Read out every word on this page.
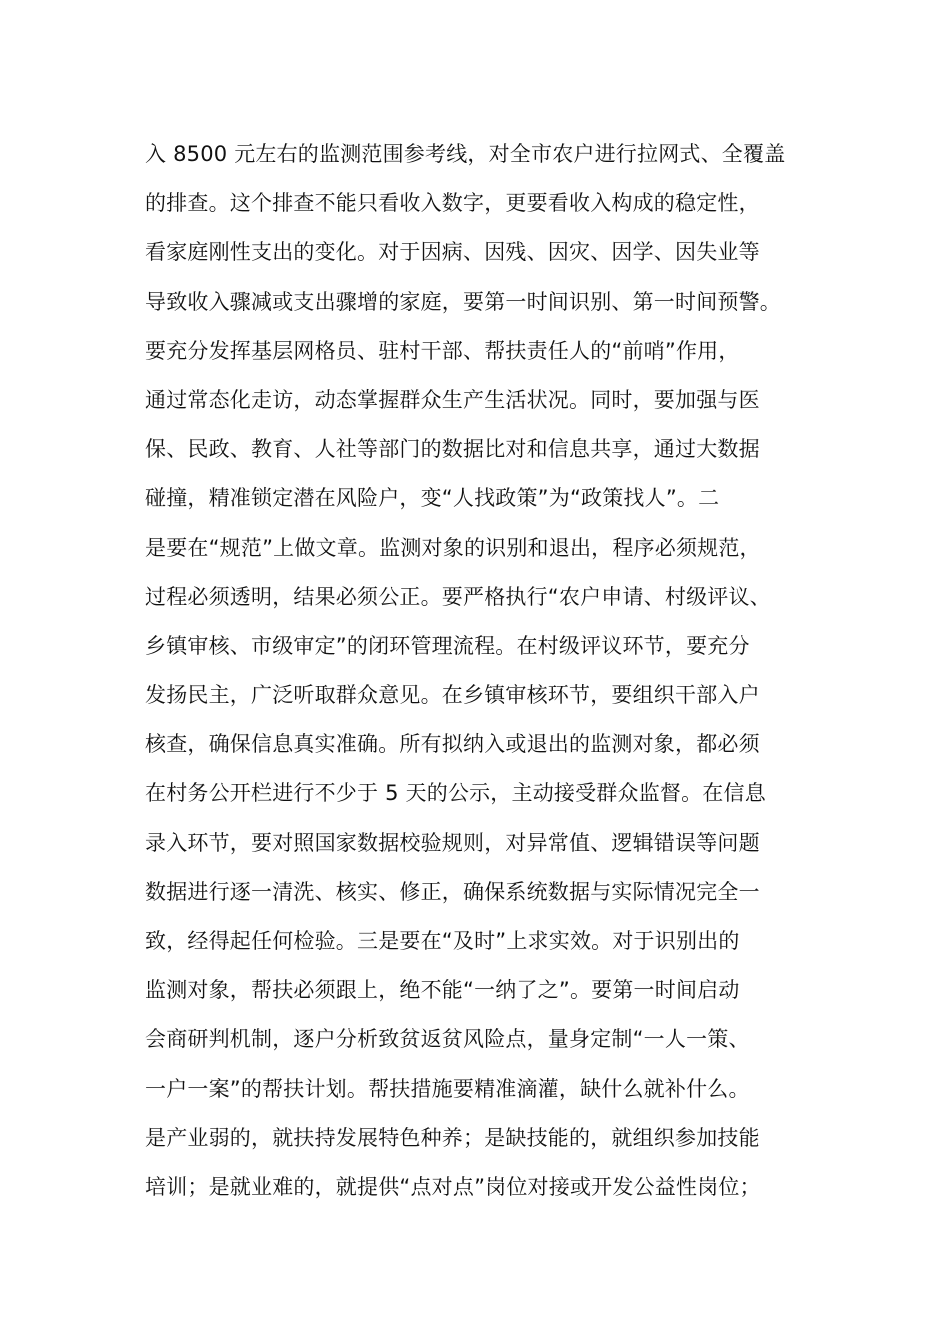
入 8500 元左右的监测范围参考线，对全市农户进行拉网式、全覆盖
的排查。这个排查不能只看收入数字，更要看收入构成的稳定性，
看家庭刚性支出的变化。对于因病、因残、因灾、因学、因失业等
导致收入骤减或支出骤增的家庭，要第一时间识别、第一时间预警。
要充分发挥基层网格员、驻村干部、帮扶责任人的“前哨”作用，
通过常态化走访，动态掌握群众生产生活状况。同时，要加强与医
保、民政、教育、人社等部门的数据比对和信息共享，通过大数据
碰撞，精准锁定潜在风险户，变“人找政策”为“政策找人”。二
是要在“规范”上做文章。监测对象的识别和退出，程序必须规范，
过程必须透明，结果必须公正。要严格执行“农户申请、村级评议、
乡镇审核、市级审定”的闭环管理流程。在村级评议环节，要充分
发扬民主，广泛听取群众意见。在乡镇审核环节，要组织干部入户
核查，确保信息真实准确。所有拟纳入或退出的监测对象，都必须
在村务公开栏进行不少于 5 天的公示，主动接受群众监督。在信息
录入环节，要对照国家数据校验规则，对异常值、逻辑错误等问题
数据进行逐一清洗、核实、修正，确保系统数据与实际情况完全一
致，经得起任何检验。三是要在“及时”上求实效。对于识别出的
监测对象，帮扶必须跟上，绝不能“一纳了之”。要第一时间启动
会商研判机制，逐户分析致贫返贫风险点，量身定制“一人一策、
一户一案”的帮扶计划。帮扶措施要精准滴灌，缺什么就补什么。
是产业弱的，就扶持发展特色种养；是缺技能的，就组织参加技能
培训；是就业难的，就提供“点对点”岗位对接或开发公益性岗位；
